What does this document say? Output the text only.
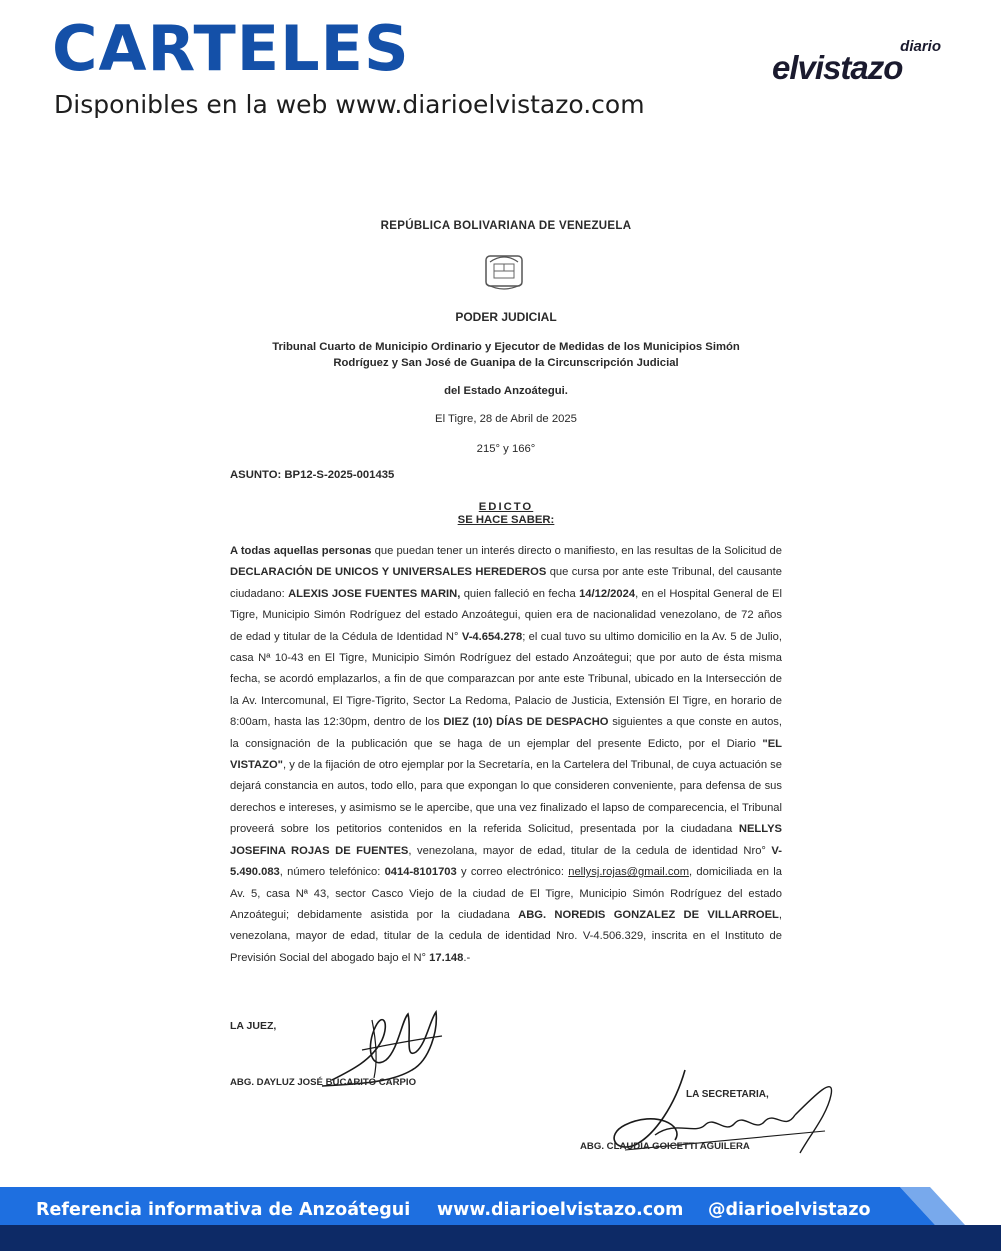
CARTELES
Disponibles en la web www.diarioelvistazo.com
diario
elvistazo
REPÚBLICA BOLIVARIANA DE VENEZUELA
PODER JUDICIAL
Tribunal Cuarto de Municipio Ordinario y Ejecutor de Medidas de los Municipios Simón
Rodríguez y San José de Guanipa de la Circunscripción Judicial
del Estado Anzoátegui.
El Tigre, 28 de Abril de 2025
215° y 166°
ASUNTO: BP12-S-2025-001435
EDICTO
SE HACE SABER:
A todas aquellas personas que puedan tener un interés directo o manifiesto, en las resultas de la Solicitud de DECLARACIÓN DE UNICOS Y UNIVERSALES HEREDEROS que cursa por ante este Tribunal, del causante ciudadano: ALEXIS JOSE FUENTES MARIN, quien falleció en fecha 14/12/2024, en el Hospital General de El Tigre, Municipio Simón Rodríguez del estado Anzoátegui, quien era de nacionalidad venezolano, de 72 años de edad y titular de la Cédula de Identidad N° V-4.654.278; el cual tuvo su ultimo domicilio en la Av. 5 de Julio, casa Nª 10-43 en El Tigre, Municipio Simón Rodríguez del estado Anzoátegui; que por auto de ésta misma fecha, se acordó emplazarlos, a fin de que comparazcan por ante este Tribunal, ubicado en la Intersección de la Av. Intercomunal, El Tigre-Tigrito, Sector La Redoma, Palacio de Justicia, Extensión El Tigre, en horario de 8:00am, hasta las 12:30pm, dentro de los DIEZ (10) DÍAS DE DESPACHO siguientes a que conste en autos, la consignación de la publicación que se haga de un ejemplar del presente Edicto, por el Diario "EL VISTAZO", y de la fijación de otro ejemplar por la Secretaría, en la Cartelera del Tribunal, de cuya actuación se dejará constancia en autos, todo ello, para que expongan lo que consideren conveniente, para defensa de sus derechos e intereses, y asimismo se le apercibe, que una vez finalizado el lapso de comparecencia, el Tribunal proveerá sobre los petitorios contenidos en la referida Solicitud, presentada por la ciudadana NELLYS JOSEFINA ROJAS DE FUENTES, venezolana, mayor de edad, titular de la cedula de identidad Nro° V-5.490.083, número telefónico: 0414-8101703 y correo electrónico: nellysj.rojas@gmail.com, domiciliada en la Av. 5, casa Nª 43, sector Casco Viejo de la ciudad de El Tigre, Municipio Simón Rodríguez del estado Anzoátegui; debidamente asistida por la ciudadana ABG. NOREDIS GONZALEZ DE VILLARROEL, venezolana, mayor de edad, titular de la cedula de identidad Nro. V-4.506.329, inscrita en el Instituto de Previsión Social del abogado bajo el N° 17.148.-
LA JUEZ,
ABG. DAYLUZ JOSÉ BUCARITO CARPIO
LA SECRETARIA,
ABG. CLAUDIA GOICETTI AGUILERA
Referencia informativa de Anzoátegui www.diarioelvistazo.com @diarioelvistazo
